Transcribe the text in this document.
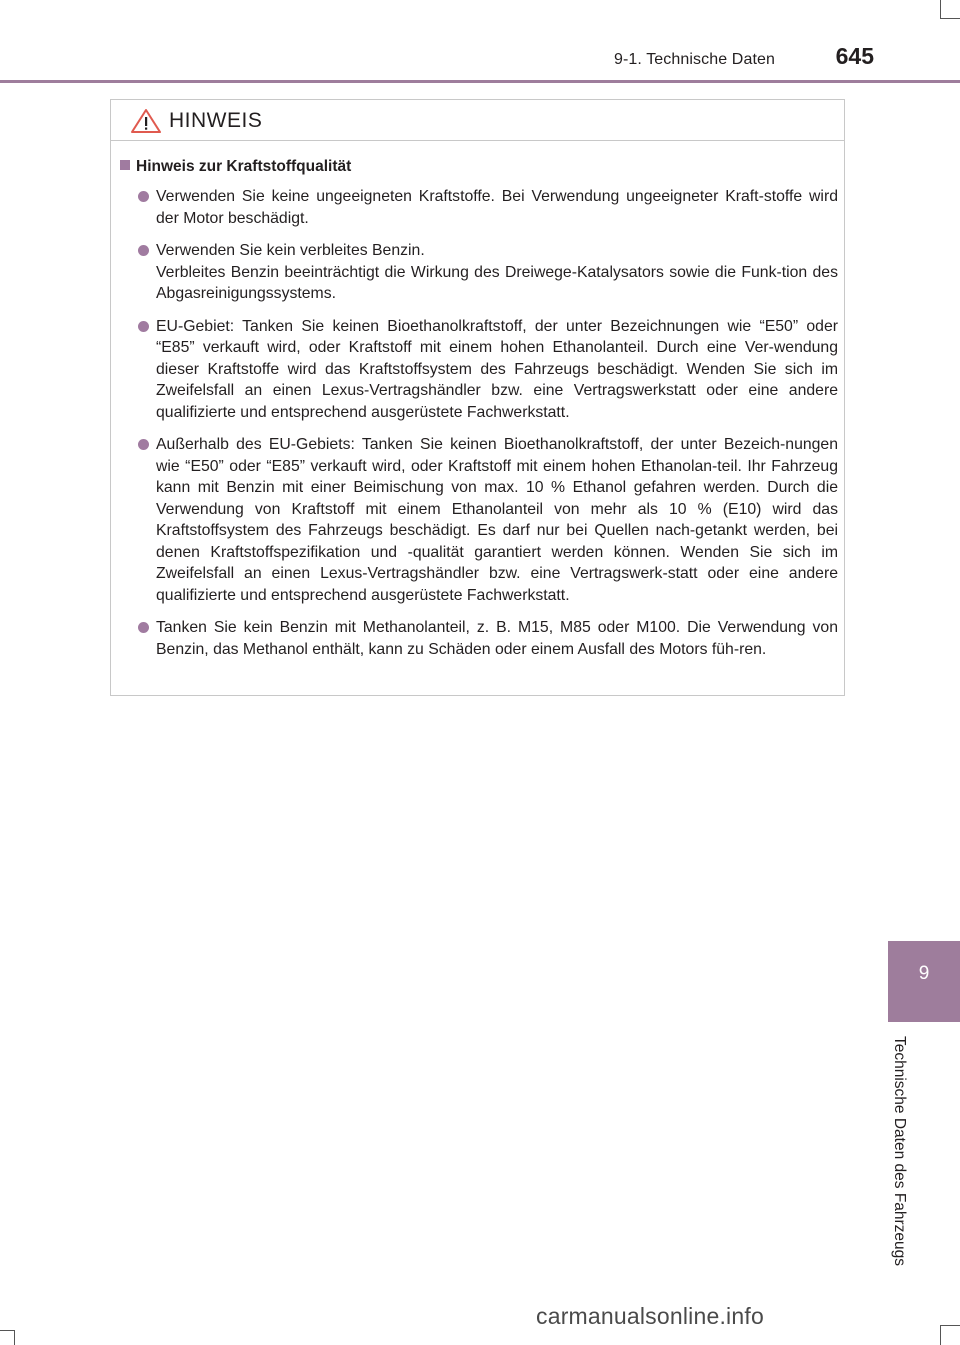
9-1. Technische Daten	645
HINWEIS
Hinweis zur Kraftstoffqualität

Verwenden Sie keine ungeeigneten Kraftstoffe. Bei Verwendung ungeeigneter Kraft-stoffe wird der Motor beschädigt.

Verwenden Sie kein verbleites Benzin.

Verbleites Benzin beeinträchtigt die Wirkung des Dreiwege-Katalysators sowie die Funk-tion des Abgasreinigungssystems.

EU-Gebiet: Tanken Sie keinen Bioethanolkraftstoff, der unter Bezeichnungen wie “E50” oder “E85” verkauft wird, oder Kraftstoff mit einem hohen Ethanolanteil. Durch eine Ver-wendung dieser Kraftstoffe wird das Kraftstoffsystem des Fahrzeugs beschädigt. Wenden Sie sich im Zweifelsfall an einen Lexus-Vertragshändler bzw. eine Vertragswerkstatt oder eine andere qualifizierte und entsprechend ausgerüstete Fachwerkstatt.

Außerhalb des EU-Gebiets: Tanken Sie keinen Bioethanolkraftstoff, der unter Bezeich-nungen wie “E50” oder “E85” verkauft wird, oder Kraftstoff mit einem hohen Ethanolan-teil. Ihr Fahrzeug kann mit Benzin mit einer Beimischung von max. 10 % Ethanol gefahren werden. Durch die Verwendung von Kraftstoff mit einem Ethanolanteil von mehr als 10 % (E10) wird das Kraftstoffsystem des Fahrzeugs beschädigt. Es darf nur bei Quellen nach-getankt werden, bei denen Kraftstoffspezifikation und -qualität garantiert werden können. Wenden Sie sich im Zweifelsfall an einen Lexus-Vertragshändler bzw. eine Vertragswerk-statt oder eine andere qualifizierte und entsprechend ausgerüstete Fachwerkstatt.

Tanken Sie kein Benzin mit Methanolanteil, z. B. M15, M85 oder M100. Die Verwendung von Benzin, das Methanol enthält, kann zu Schäden oder einem Ausfall des Motors füh-ren.

9
Technische Daten des Fahrzeugs
carmanualsonline.info
